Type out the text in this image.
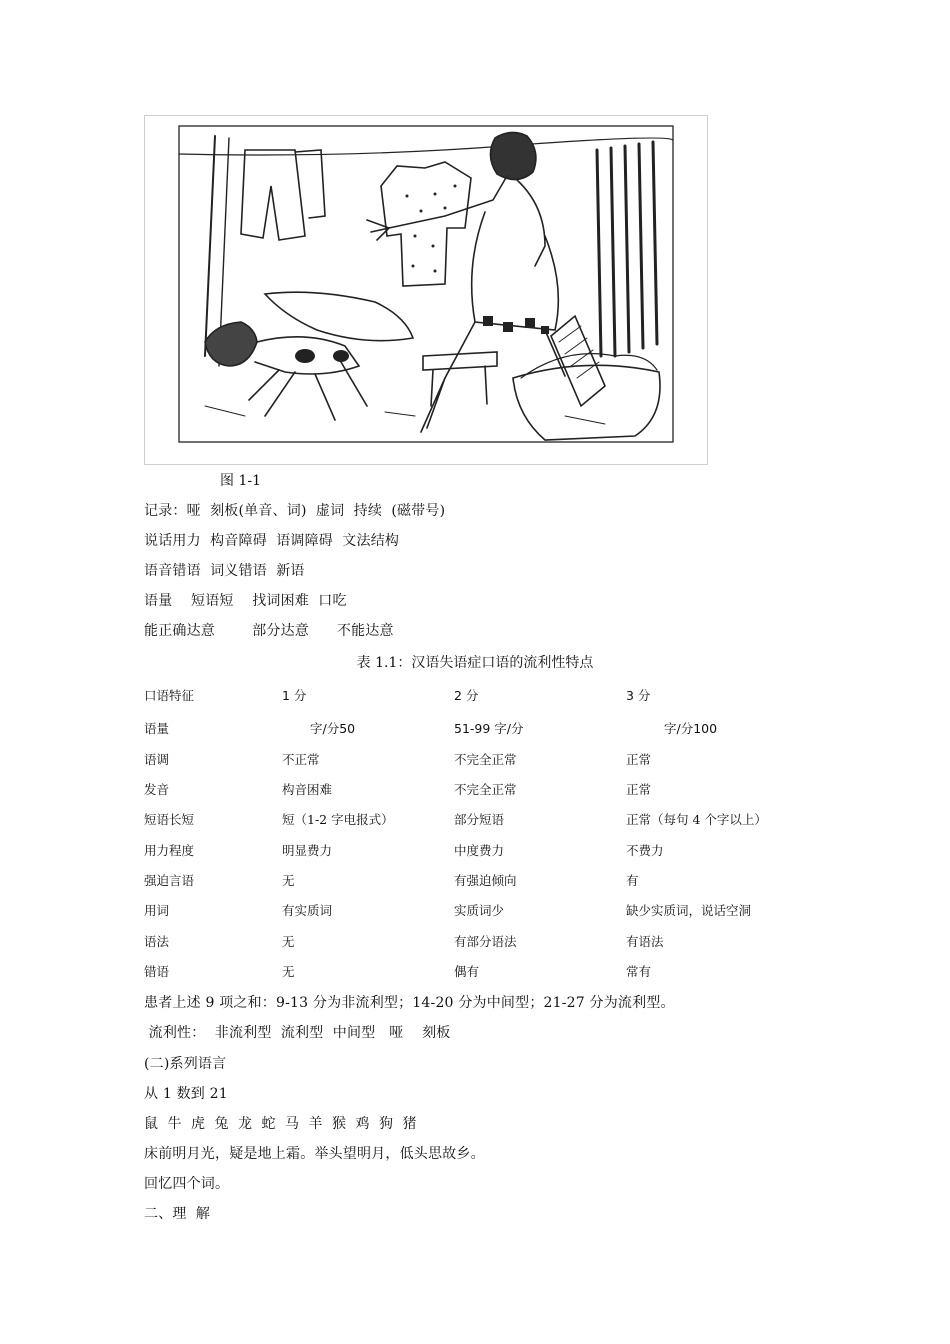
图 1-1
记录：哑  刻板(单音、词)  虚词  持续  (磁带号)
说话用力  构音障碍  语调障碍  文法结构
语音错语  词义错语  新语
语量    短语短    找词困难  口吃
能正确达意        部分达意      不能达意
表 1.1：汉语失语症口语的流利性特点
口语特征	1 分	2 分	3 分
语量	字/分50	51-99 字/分	字/分100
语调	不正常	不完全正常	正常
发音	构音困难	不完全正常	正常
短语长短	短（1-2 字电报式）	部分短语	正常（每句 4 个字以上）
用力程度	明显费力	中度费力	不费力
强迫言语	无	有强迫倾向	有
用词	有实质词	实质词少	缺少实质词，说话空洞
语法	无	有部分语法	有语法
错语	无	偶有	常有
患者上述 9 项之和：9-13 分为非流利型；14-20 分为中间型；21-27 分为流利型。
流利性：  非流利型  流利型  中间型   哑    刻板
(二)系列语言
从 1 数到 21
鼠  牛  虎  兔  龙  蛇  马  羊  猴  鸡  狗  猪
床前明月光，疑是地上霜。举头望明月，低头思故乡。
回忆四个词。
二、理  解
